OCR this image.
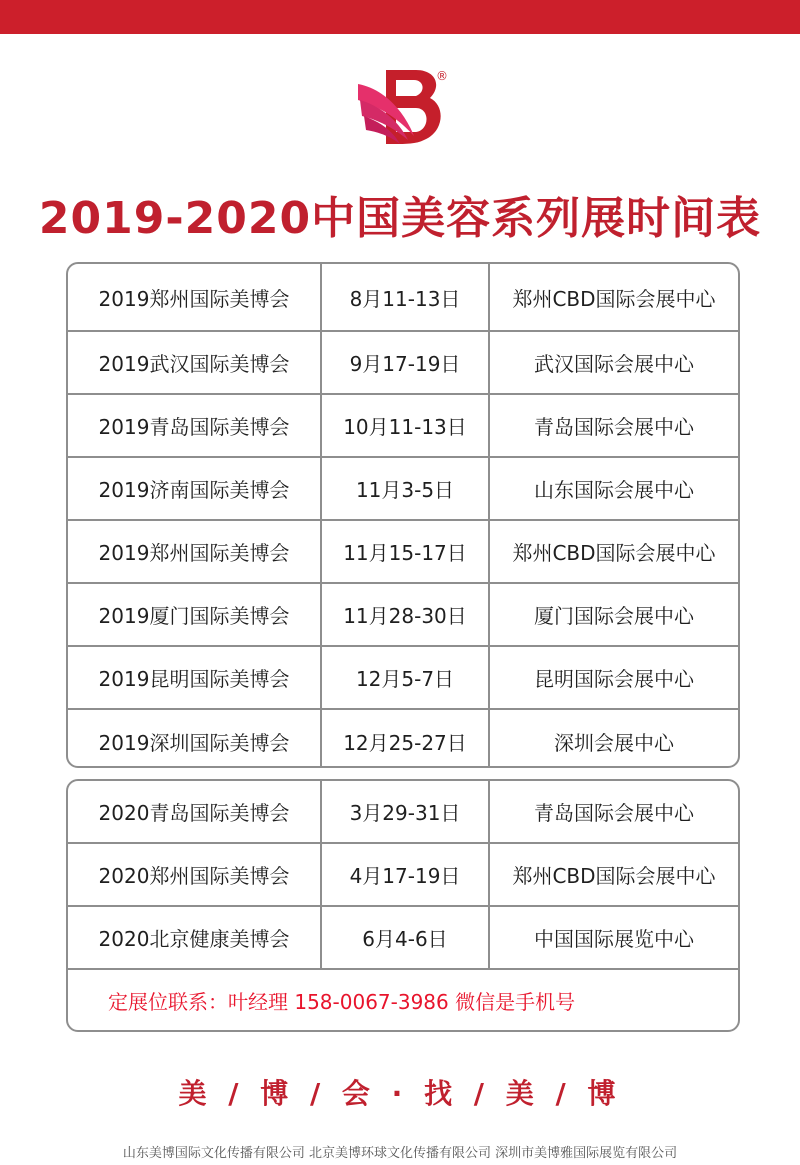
®
2019-2020中国美容系列展时间表
2019郑州国际美博会	8月11-13日	郑州CBD国际会展中心
2019武汉国际美博会	9月17-19日	武汉国际会展中心
2019青岛国际美博会	10月11-13日	青岛国际会展中心
2019济南国际美博会	11月3-5日	山东国际会展中心
2019郑州国际美博会	11月15-17日	郑州CBD国际会展中心
2019厦门国际美博会	11月28-30日	厦门国际会展中心
2019昆明国际美博会	12月5-7日	昆明国际会展中心
2019深圳国际美博会	12月25-27日	深圳会展中心
2020青岛国际美博会	3月29-31日	青岛国际会展中心
2020郑州国际美博会	4月17-19日	郑州CBD国际会展中心
2020北京健康美博会	6月4-6日	中国国际展览中心
定展位联系：叶经理 158-0067-3986 微信是手机号
美 / 博 / 会 · 找 / 美 / 博
山东美博国际文化传播有限公司 北京美博环球文化传播有限公司 深圳市美博雅国际展览有限公司
